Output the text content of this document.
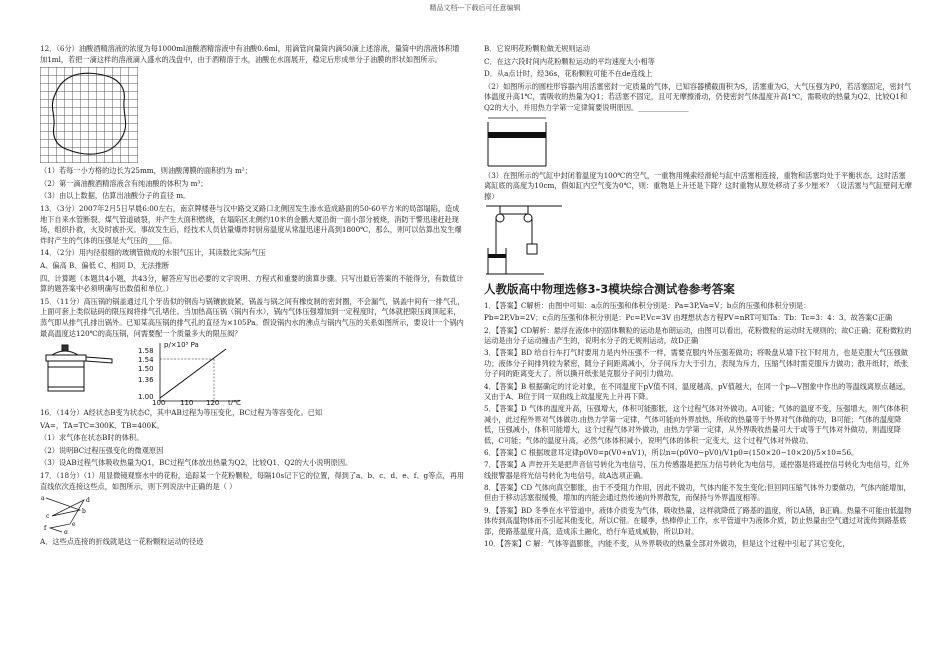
精品文档---下载后可任意编辑

12．（6分）油酸酒精溶液的浓度为每1000ml油酸酒精溶液中有油酸0.6ml，用滴管向量筒内滴50滴上述溶液，量筒中的溶液体积增加1ml，若把一滴这样的溶液滴入盛水的浅盘中，由于酒精溶于水，油酸在水面展开，稳定后形成单分子油膜的形状如图所示。

（1）若每一小方格的边长为25mm，则油酸薄膜的面积约为 m²；

（2）第一滴油酸酒精溶液含有纯油酸的体积为 m³；

（3）由以上数据，估算出油酸分子的直径 m。

13．（3分）2007年2月5日早晨6:00左右，南京牌楼巷与汉中路交叉路口北侧因发生渗水造成路面的50-60平方米的局部塌陷，造成地下自来水管断裂、煤气管道破裂，并产生大面积燃烧，在塌陷区北侧约10米的金鹏大厦沿街一面小部分被烧，消防干警迅速赶赴现场，组织扑救，火及时被扑灭。事故发生后，经技术人员估量爆炸时厨房温度从常温迅速升高到1800℃，那么，则可以估算出发生爆炸时产生的气体的压强是大气压的____倍。

14．（2分）用内径很细的玻璃管做成的水银气压计，其读数比实际气压

A、偏高 B、偏低 C、相同 D、无法推断

四、计算题（本题共4小题，共43分，解答应写出必要的文字说明、方程式和重要的演算步骤。只写出最后答案的不能得分，有数值计算的题答案中必须明确写出数值和单位。）

15．（11分）高压锅的锅盖通过几个牙齿似的钢齿与锅镶嵌旋紧，锅盖与锅之间有橡皮制的密封圈，不会漏气，锅盖中间有一排气孔，上面可套上类似砝码的限压阀将排气孔堵住。当加热高压锅（锅内有水），锅内气体压强增加到一定程度时，气体就把限压阀顶起来，蒸气即从排气孔排出锅外。已知某高压锅的排气孔的直径为×105Pa。假设锅内水的沸点与锅内气压的关系如图所示，要设计一个锅内最高温度达120℃的高压锅，问需要配一个质量多大的限压阀？

p/×10⁵ Pa
1.58
1.54
1.50
1.36
1.00
100 110 120 t/℃

16．（14分）A经状态B变为状态C，其中AB过程为等压变化，BC过程为等容变化。已知

VA=，TA=TC=300K、TB=400K。

（1）求气体在状态B时的体积。

（2）说明BC过程压强变化的微观原因

（3）设AB过程气体吸收热量为Q1，BC过程气体放出热量为Q2，比较Q1、Q2的大小说明原因。

17．（18分）（1）用显微镜观察水中的花粉，追踪某一个花粉颗粒，每隔10s记下它的位置，得到了a、b、c、d、e、f、g等点，再用直线依次连接这些点，如图所示，则下列说法中正确的是（ ）

a
b
c
d
e
f
g

A．这些点连接的折线就是这一花粉颗粒运动的径迹

B．它说明花粉颗粒做无规则运动

C．在这六段时间内花粉颗粒运动的平均速度大小相等

D．从a点计时，经36s，花粉颗粒可能不在de连线上

（2）如图所示的圆柱形容器内用活塞密封一定质量的气体，已知容器横截面积为S，活塞重为G，大气压强为P0，若活塞固定，密封气体温度升高1℃，需吸收的热量为Q1；若活塞不固定，且可无摩擦滑动，仍使密封气体温度升高1℃，需吸收的热量为Q2，比较Q1和Q2的大小，并用热力学第一定律简要说明原因。______________

（3）在图所示的气缸中封闭着温度为100℃的空气，一重物用绳索经滑轮与缸中活塞相连接，重物和活塞均处于平衡状态，这时活塞离缸底的高度为10cm，假如缸内空气变为0℃，则：重物是上升还是下降？这时重物从原处移动了多少厘米？（设活塞与气缸壁间无摩擦）

人教版高中物理选修3-3模块综合测试卷参考答案

1．【答案】C解析：由图中可知：a点的压强和体积分别是：Pa=3P,Va=V；b点的压强和体积分别是：

Pb=2P,Vb=2V；c点的压强和体积分别是：Pc=P,Vc=3V 由理想状态方程PV=nRT可知Ta：Tb：Tc=3：4：3。故答案C正确

2．【答案】CD解析：悬浮在液体中的固体颗粒的运动是布朗运动，由图可以看出，花粉微粒的运动时无规则的；故C正确；花粉微粒的运动是由分子运动撞击产生的，说明水分子的无规则运动，故D正确

3．【答案】BD 给自行车打气时要用力是内外压强不一样，需要克服内外压强差做功；将吸盘从墙下拉下时用力，也是克服大气压强做功；液体分子间排列较为紧密，随分子间距离减小，分子间斥力大于引力，表现为斥力，压缩气体时需克服斥力做功；散开纸时，纸张分子间的距离变大了，所以撕开纸张是克服分子间引力做功。

4．【答案】B 根据确定的讨论对象，在不同温度下pV值不同，温度越高，pV值越大，在同一个p—V图象中作出的等温线离原点越远，又由于A、B位于同一双曲线上故温度先上升再下降。

5．【答案】D 气体的温度升高，压强增大，体积可能膨胀，这个过程气体对外做功。A可能；气体的温度不变，压强增大，则气体体积减小，此过程外界对气体做功.由热力学第一定律，气体可能向外界放热，所收的热量等于外界对气体做的功，B可能；气体的温度降低，压强减小，体积可能增大，这个过程气体对外做功，由热力学第一定律，从外界吸收热量可大于或等于气体对外做功，则温度降低，C可能；气体的温度升高，必然气体体积减小，说明气体的体积一定变大，这个过程气体对外做功。

6．【答案】C 根据玻意耳定律p0V0=p(V0+nV1)，所以n=(p0V0−pV0)/V1p0=(150×20−10×20)/5×10=56。

7．【答案】A 声控开关是把声音信号转化为电信号，压力传感器是把压力信号转化为电信号，遥控器是将遥控信号转化为电信号，红外线报警器是将光信号转化为电信号，故A选项正确。

8．【答案】CD 气体向真空膨胀，由于不受阻力作用，因此不做功，气体内能不发生变化;但回同压缩气体外力要做功，气体内能增加，但由于移动活塞很缓慢，增加的内能会通过热传递向外界散发，而保持与外界温度相等。

9．【答案】BD 冬季在水平管道中，液体介质变为气体，吸收热量，这样就降低了路基的温度，所以A错，B正确。热量不可能由低温物体传到高温物体而不引起其他变化，所以C错。在暖季，热棒停止工作，水平管道中为液体介质，防止热量由空气通过对流传到路基底部，使路基温度升高，造成冻土融化，给行车造成威胁，所以D对。

10．【答案】C 解：气体等温膨胀，内能不变，从外界吸收的热量全部对外做功，但是这个过程中引起了其它变化，
